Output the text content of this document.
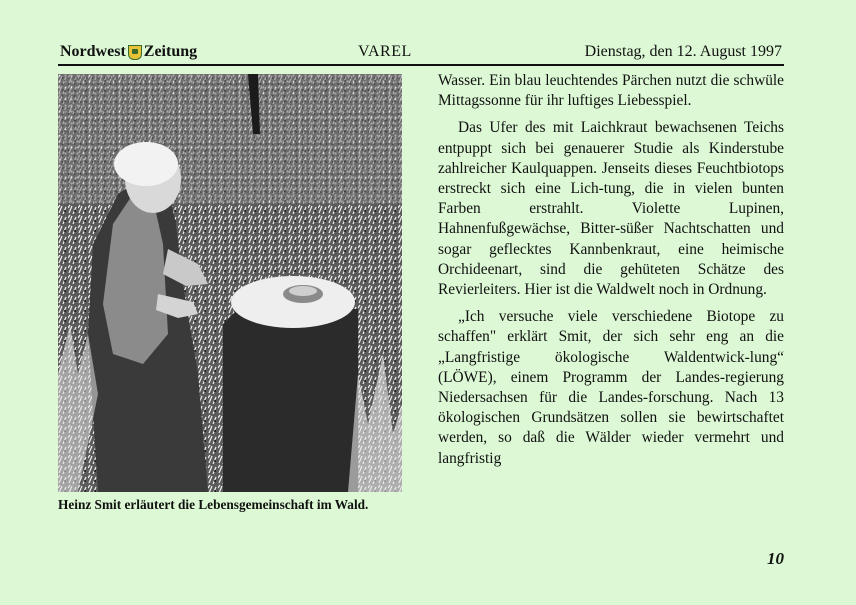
Nordwest Zeitung	VAREL	Dienstag, den 12. August 1997
Heinz Smit erläutert die Lebensgemeinschaft im Wald.

Wasser. Ein blau leuchtendes Pärchen nutzt die schwüle Mittagssonne für ihr luftiges Liebesspiel.

Das Ufer des mit Laichkraut bewachsenen Teichs entpuppt sich bei genauerer Studie als Kinderstube zahlreicher Kaulquappen. Jenseits dieses Feuchtbiotops erstreckt sich eine Lich-tung, die in vielen bunten Farben erstrahlt. Violette Lupinen, Hahnenfußgewächse, Bitter-süßer Nachtschatten und sogar geflecktes Kannbenkraut, eine heimische Orchideenart, sind die gehüteten Schätze des Revierleiters. Hier ist die Waldwelt noch in Ordnung.

„Ich versuche viele verschiedene Biotope zu schaffen" erklärt Smit, der sich sehr eng an die „Langfristige ökologische Waldentwick-lung“ (LÖWE), einem Programm der Landes-regierung Niedersachsen für die Landes-forschung. Nach 13 ökologischen Grundsätzen sollen sie bewirtschaftet werden, so daß die Wälder wieder vermehrt und langfristig

10
